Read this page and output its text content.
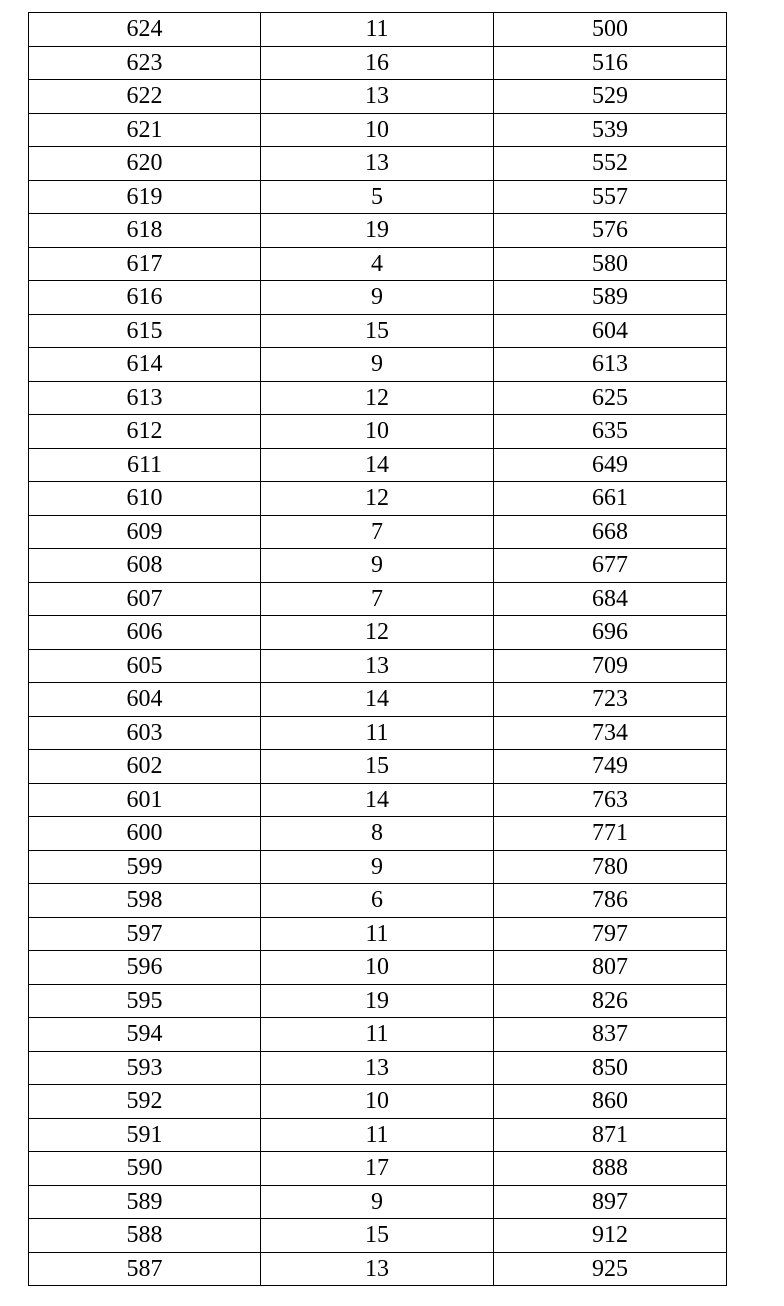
624	11	500
623	16	516
622	13	529
621	10	539
620	13	552
619	5	557
618	19	576
617	4	580
616	9	589
615	15	604
614	9	613
613	12	625
612	10	635
611	14	649
610	12	661
609	7	668
608	9	677
607	7	684
606	12	696
605	13	709
604	14	723
603	11	734
602	15	749
601	14	763
600	8	771
599	9	780
598	6	786
597	11	797
596	10	807
595	19	826
594	11	837
593	13	850
592	10	860
591	11	871
590	17	888
589	9	897
588	15	912
587	13	925
